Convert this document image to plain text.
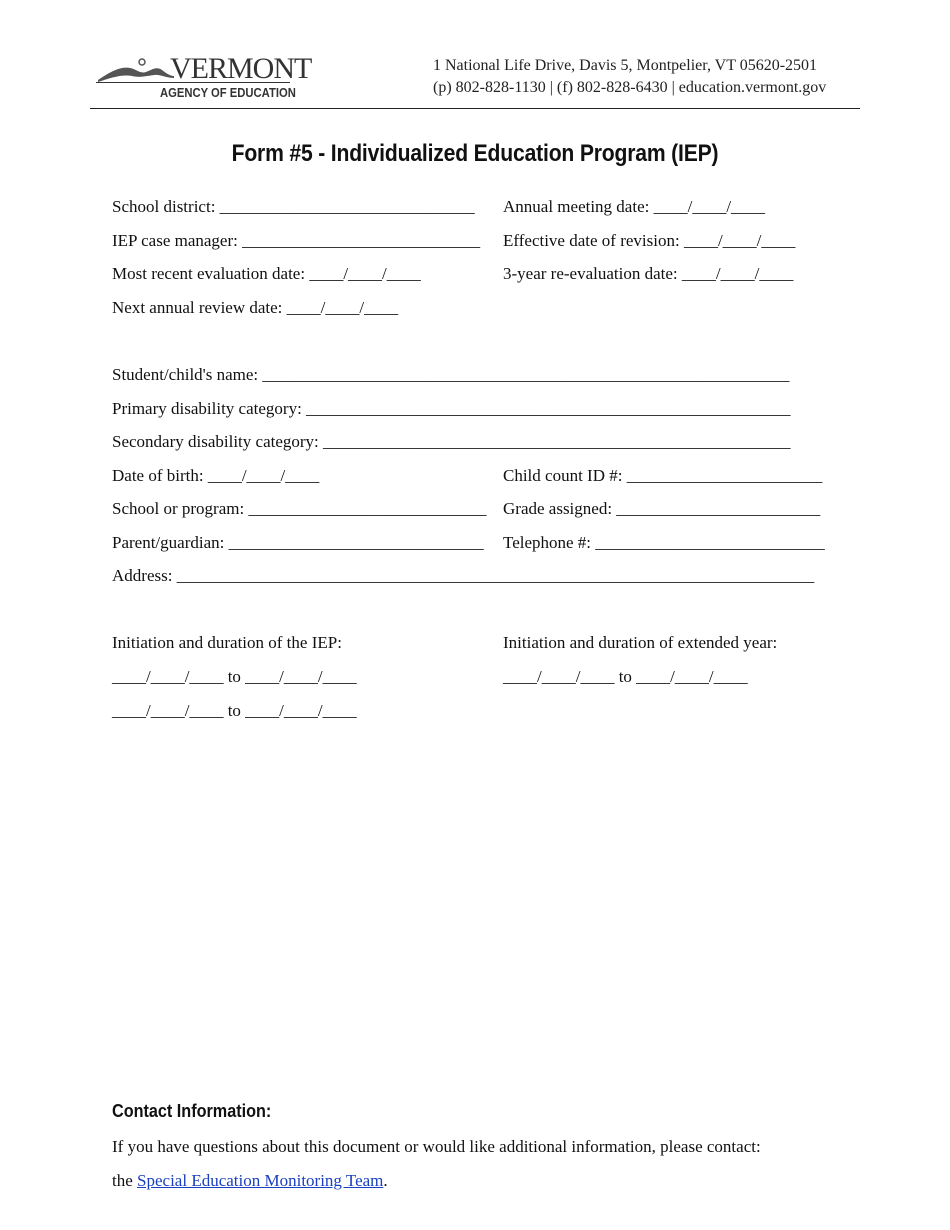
VERMONT
AGENCY OF EDUCATION
1 National Life Drive, Davis 5, Montpelier, VT 05620-2501
(p) 802-828-1130 | (f) 802-828-6430 | education.vermont.gov
Form #5 - Individualized Education Program (IEP)
School district: ______________________________ Annual meeting date: ____/____/____
IEP case manager: ____________________________ Effective date of revision: ____/____/____
Most recent evaluation date: ____/____/____	3-year re-evaluation date: ____/____/____
Next annual review date: ____/____/____
Student/child's name: ______________________________________________________________
Primary disability category: _________________________________________________________
Secondary disability category: _______________________________________________________
Date of birth: ____/____/____	Child count ID #: _______________________
School or program: ____________________________ Grade assigned: ________________________
Parent/guardian: ______________________________ Telephone #: ___________________________
Address: ___________________________________________________________________________
Initiation and duration of the IEP:	Initiation and duration of extended year:
____/____/____ to ____/____/____	____/____/____ to ____/____/____
____/____/____ to ____/____/____
Contact Information:
If you have questions about this document or would like additional information, please contact:
the Special Education Monitoring Team.
